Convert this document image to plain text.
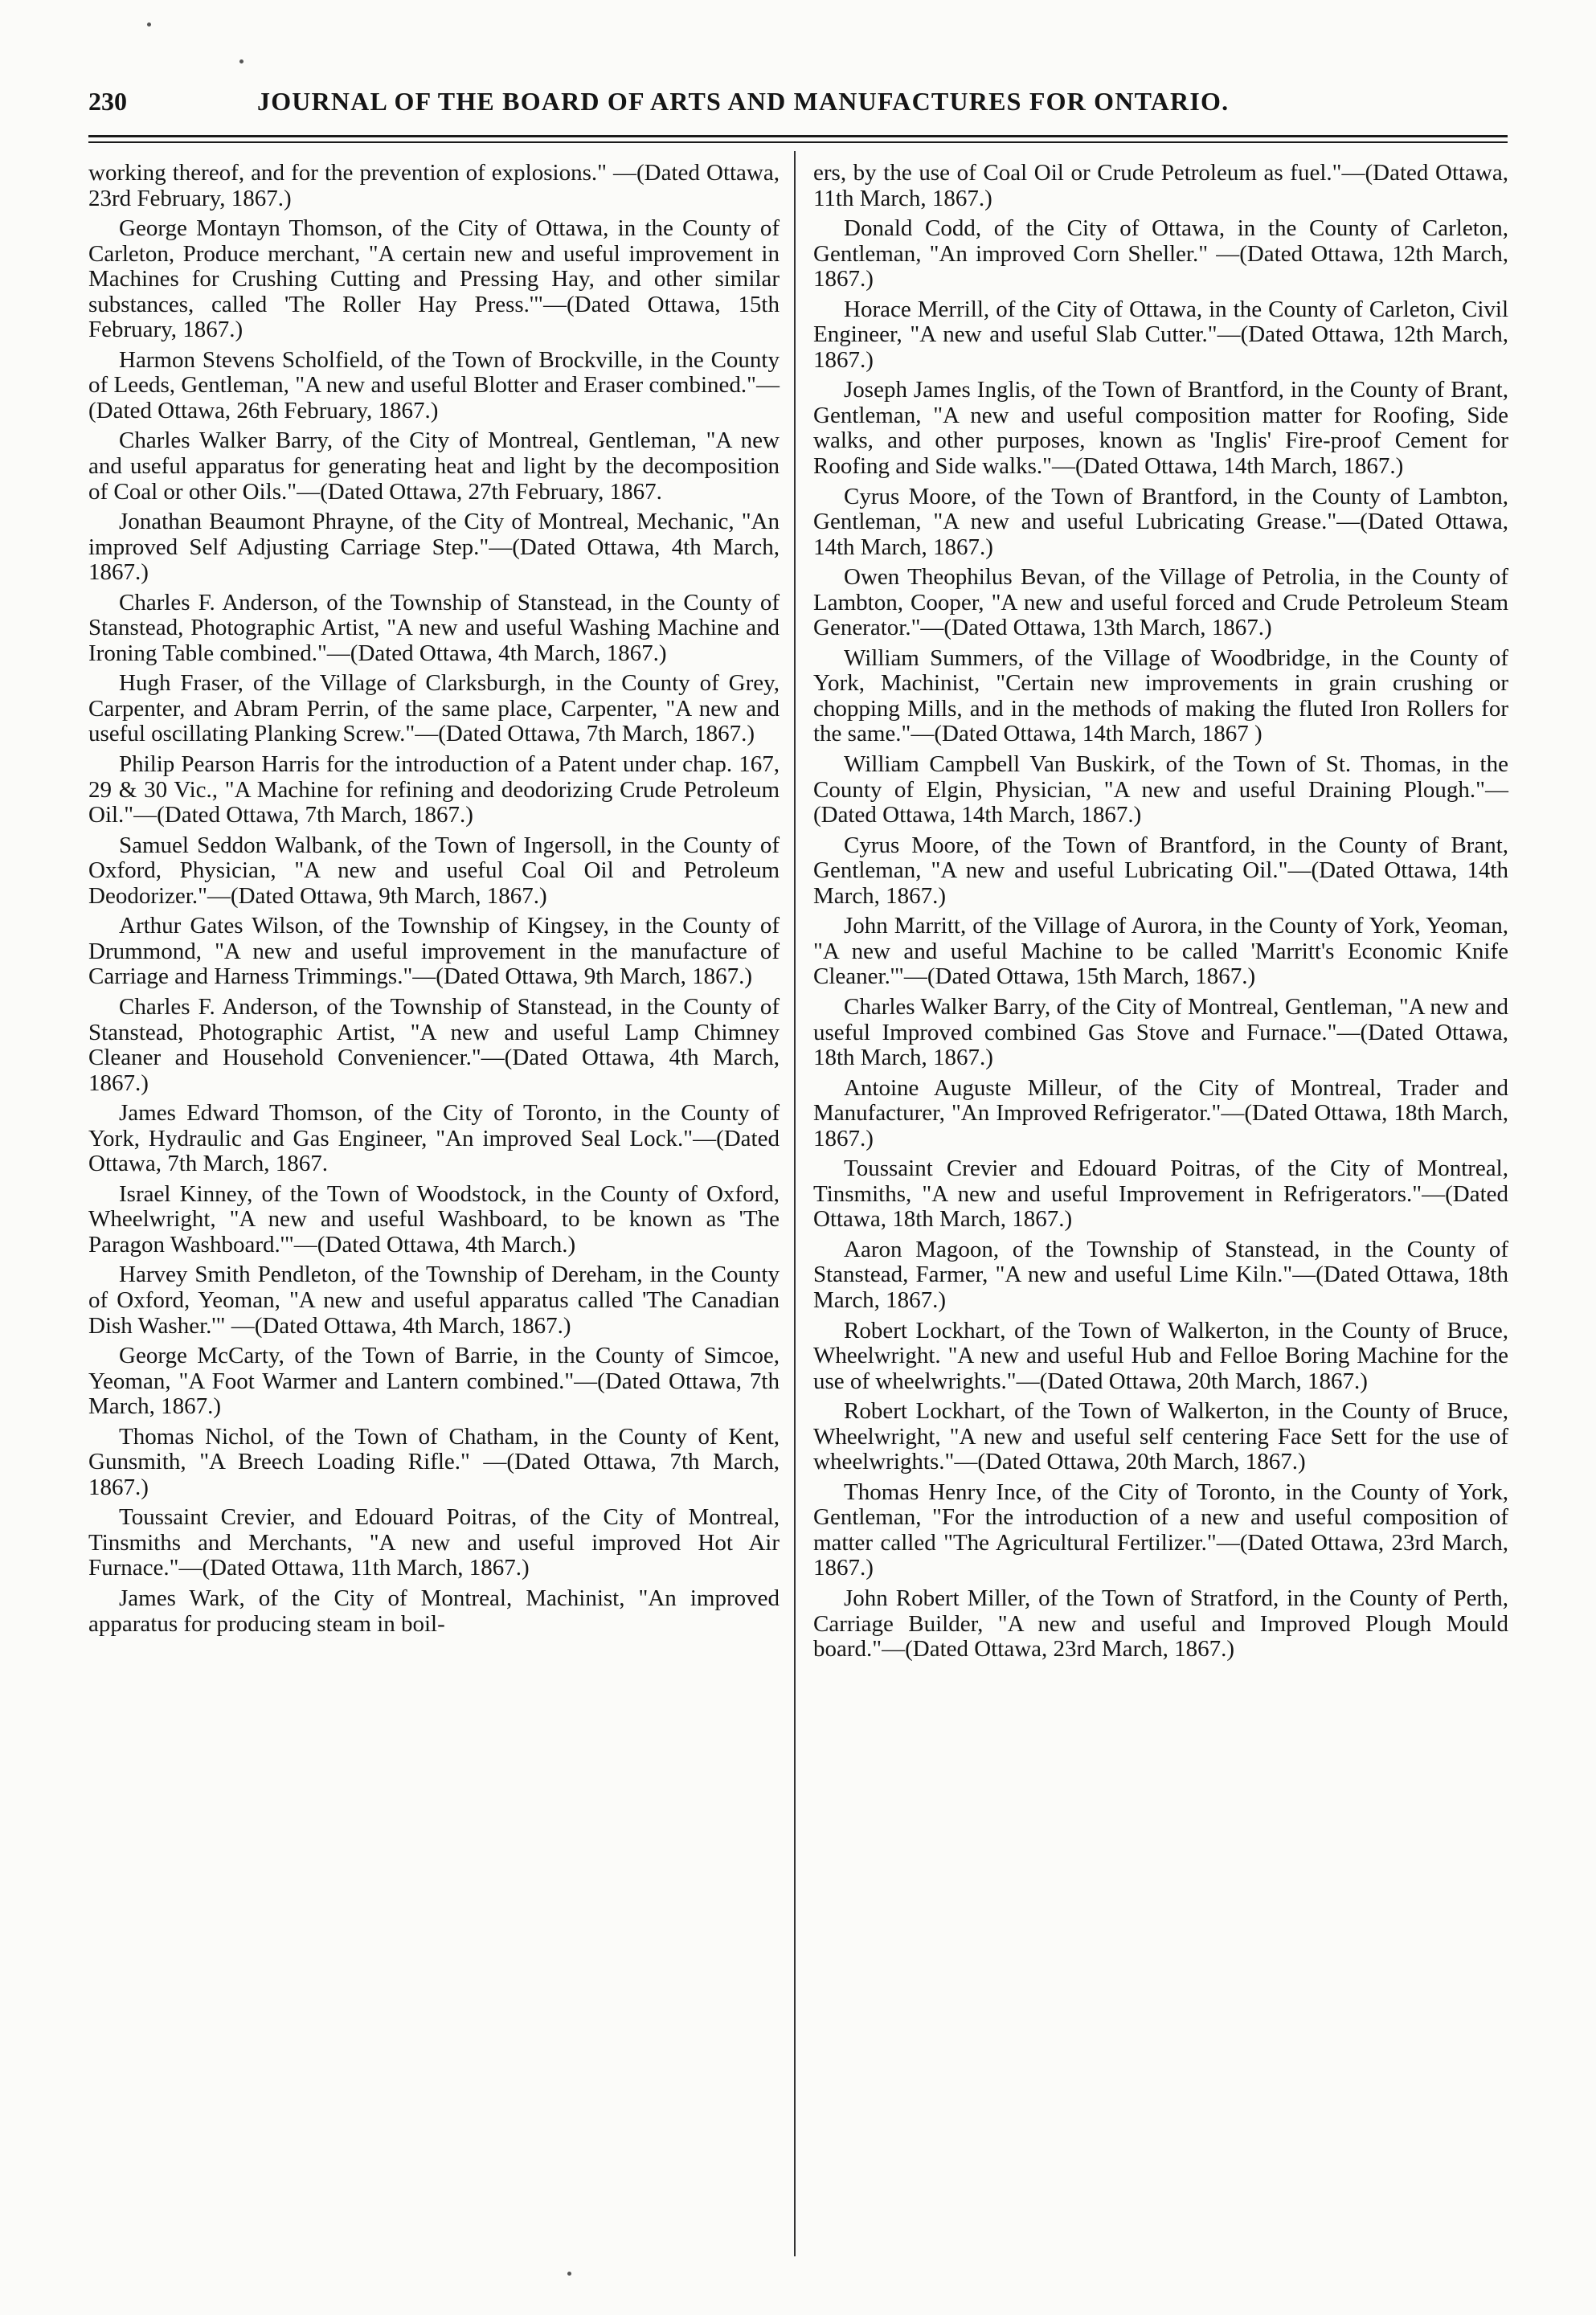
230	JOURNAL OF THE BOARD OF ARTS AND MANUFACTURES FOR ONTARIO.

working thereof, and for the prevention of explosions." —(Dated Ottawa, 23rd February, 1867.)

George Montayn Thomson, of the City of Ottawa, in the County of Carleton, Produce merchant, "A certain new and useful improvement in Machines for Crushing Cutting and Pressing Hay, and other similar substances, called 'The Roller Hay Press.'"—(Dated Ottawa, 15th February, 1867.)

Harmon Stevens Scholfield, of the Town of Brockville, in the County of Leeds, Gentleman, "A new and useful Blotter and Eraser combined."—(Dated Ottawa, 26th February, 1867.)

Charles Walker Barry, of the City of Montreal, Gentleman, "A new and useful apparatus for generating heat and light by the decomposition of Coal or other Oils."—(Dated Ottawa, 27th February, 1867.

Jonathan Beaumont Phrayne, of the City of Montreal, Mechanic, "An improved Self Adjusting Carriage Step."—(Dated Ottawa, 4th March, 1867.)

Charles F. Anderson, of the Township of Stanstead, in the County of Stanstead, Photographic Artist, "A new and useful Washing Machine and Ironing Table combined."—(Dated Ottawa, 4th March, 1867.)

Hugh Fraser, of the Village of Clarksburgh, in the County of Grey, Carpenter, and Abram Perrin, of the same place, Carpenter, "A new and useful oscillating Planking Screw."—(Dated Ottawa, 7th March, 1867.)

Philip Pearson Harris for the introduction of a Patent under chap. 167, 29 & 30 Vic., "A Machine for refining and deodorizing Crude Petroleum Oil."—(Dated Ottawa, 7th March, 1867.)

Samuel Seddon Walbank, of the Town of Ingersoll, in the County of Oxford, Physician, "A new and useful Coal Oil and Petroleum Deodorizer."—(Dated Ottawa, 9th March, 1867.)

Arthur Gates Wilson, of the Township of Kingsey, in the County of Drummond, "A new and useful improvement in the manufacture of Carriage and Harness Trimmings."—(Dated Ottawa, 9th March, 1867.)

Charles F. Anderson, of the Township of Stanstead, in the County of Stanstead, Photographic Artist, "A new and useful Lamp Chimney Cleaner and Household Conveniencer."—(Dated Ottawa, 4th March, 1867.)

James Edward Thomson, of the City of Toronto, in the County of York, Hydraulic and Gas Engineer, "An improved Seal Lock."—(Dated Ottawa, 7th March, 1867.

Israel Kinney, of the Town of Woodstock, in the County of Oxford, Wheelwright, "A new and useful Washboard, to be known as 'The Paragon Washboard.'"—(Dated Ottawa, 4th March.)

Harvey Smith Pendleton, of the Township of Dereham, in the County of Oxford, Yeoman, "A new and useful apparatus called 'The Canadian Dish Washer.'" —(Dated Ottawa, 4th March, 1867.)

George McCarty, of the Town of Barrie, in the County of Simcoe, Yeoman, "A Foot Warmer and Lantern combined."—(Dated Ottawa, 7th March, 1867.)

Thomas Nichol, of the Town of Chatham, in the County of Kent, Gunsmith, "A Breech Loading Rifle." —(Dated Ottawa, 7th March, 1867.)

Toussaint Crevier, and Edouard Poitras, of the City of Montreal, Tinsmiths and Merchants, "A new and useful improved Hot Air Furnace."—(Dated Ottawa, 11th March, 1867.)

James Wark, of the City of Montreal, Machinist, "An improved apparatus for producing steam in boil-

ers, by the use of Coal Oil or Crude Petroleum as fuel."—(Dated Ottawa, 11th March, 1867.)

Donald Codd, of the City of Ottawa, in the County of Carleton, Gentleman, "An improved Corn Sheller." —(Dated Ottawa, 12th March, 1867.)

Horace Merrill, of the City of Ottawa, in the County of Carleton, Civil Engineer, "A new and useful Slab Cutter."—(Dated Ottawa, 12th March, 1867.)

Joseph James Inglis, of the Town of Brantford, in the County of Brant, Gentleman, "A new and useful composition matter for Roofing, Side walks, and other purposes, known as 'Inglis' Fire-proof Cement for Roofing and Side walks."—(Dated Ottawa, 14th March, 1867.)

Cyrus Moore, of the Town of Brantford, in the County of Lambton, Gentleman, "A new and useful Lubricating Grease."—(Dated Ottawa, 14th March, 1867.)

Owen Theophilus Bevan, of the Village of Petrolia, in the County of Lambton, Cooper, "A new and useful forced and Crude Petroleum Steam Generator."—(Dated Ottawa, 13th March, 1867.)

William Summers, of the Village of Woodbridge, in the County of York, Machinist, "Certain new improvements in grain crushing or chopping Mills, and in the methods of making the fluted Iron Rollers for the same."—(Dated Ottawa, 14th March, 1867 )

William Campbell Van Buskirk, of the Town of St. Thomas, in the County of Elgin, Physician, "A new and useful Draining Plough."—(Dated Ottawa, 14th March, 1867.)

Cyrus Moore, of the Town of Brantford, in the County of Brant, Gentleman, "A new and useful Lubricating Oil."—(Dated Ottawa, 14th March, 1867.)

John Marritt, of the Village of Aurora, in the County of York, Yeoman, "A new and useful Machine to be called 'Marritt's Economic Knife Cleaner.'"—(Dated Ottawa, 15th March, 1867.)

Charles Walker Barry, of the City of Montreal, Gentleman, "A new and useful Improved combined Gas Stove and Furnace."—(Dated Ottawa, 18th March, 1867.)

Antoine Auguste Milleur, of the City of Montreal, Trader and Manufacturer, "An Improved Refrigerator."—(Dated Ottawa, 18th March, 1867.)

Toussaint Crevier and Edouard Poitras, of the City of Montreal, Tinsmiths, "A new and useful Improvement in Refrigerators."—(Dated Ottawa, 18th March, 1867.)

Aaron Magoon, of the Township of Stanstead, in the County of Stanstead, Farmer, "A new and useful Lime Kiln."—(Dated Ottawa, 18th March, 1867.)

Robert Lockhart, of the Town of Walkerton, in the County of Bruce, Wheelwright. "A new and useful Hub and Felloe Boring Machine for the use of wheelwrights."—(Dated Ottawa, 20th March, 1867.)

Robert Lockhart, of the Town of Walkerton, in the County of Bruce, Wheelwright, "A new and useful self centering Face Sett for the use of wheelwrights."—(Dated Ottawa, 20th March, 1867.)

Thomas Henry Ince, of the City of Toronto, in the County of York, Gentleman, "For the introduction of a new and useful composition of matter called "The Agricultural Fertilizer."—(Dated Ottawa, 23rd March, 1867.)

John Robert Miller, of the Town of Stratford, in the County of Perth, Carriage Builder, "A new and useful and Improved Plough Mould board."—(Dated Ottawa, 23rd March, 1867.)
